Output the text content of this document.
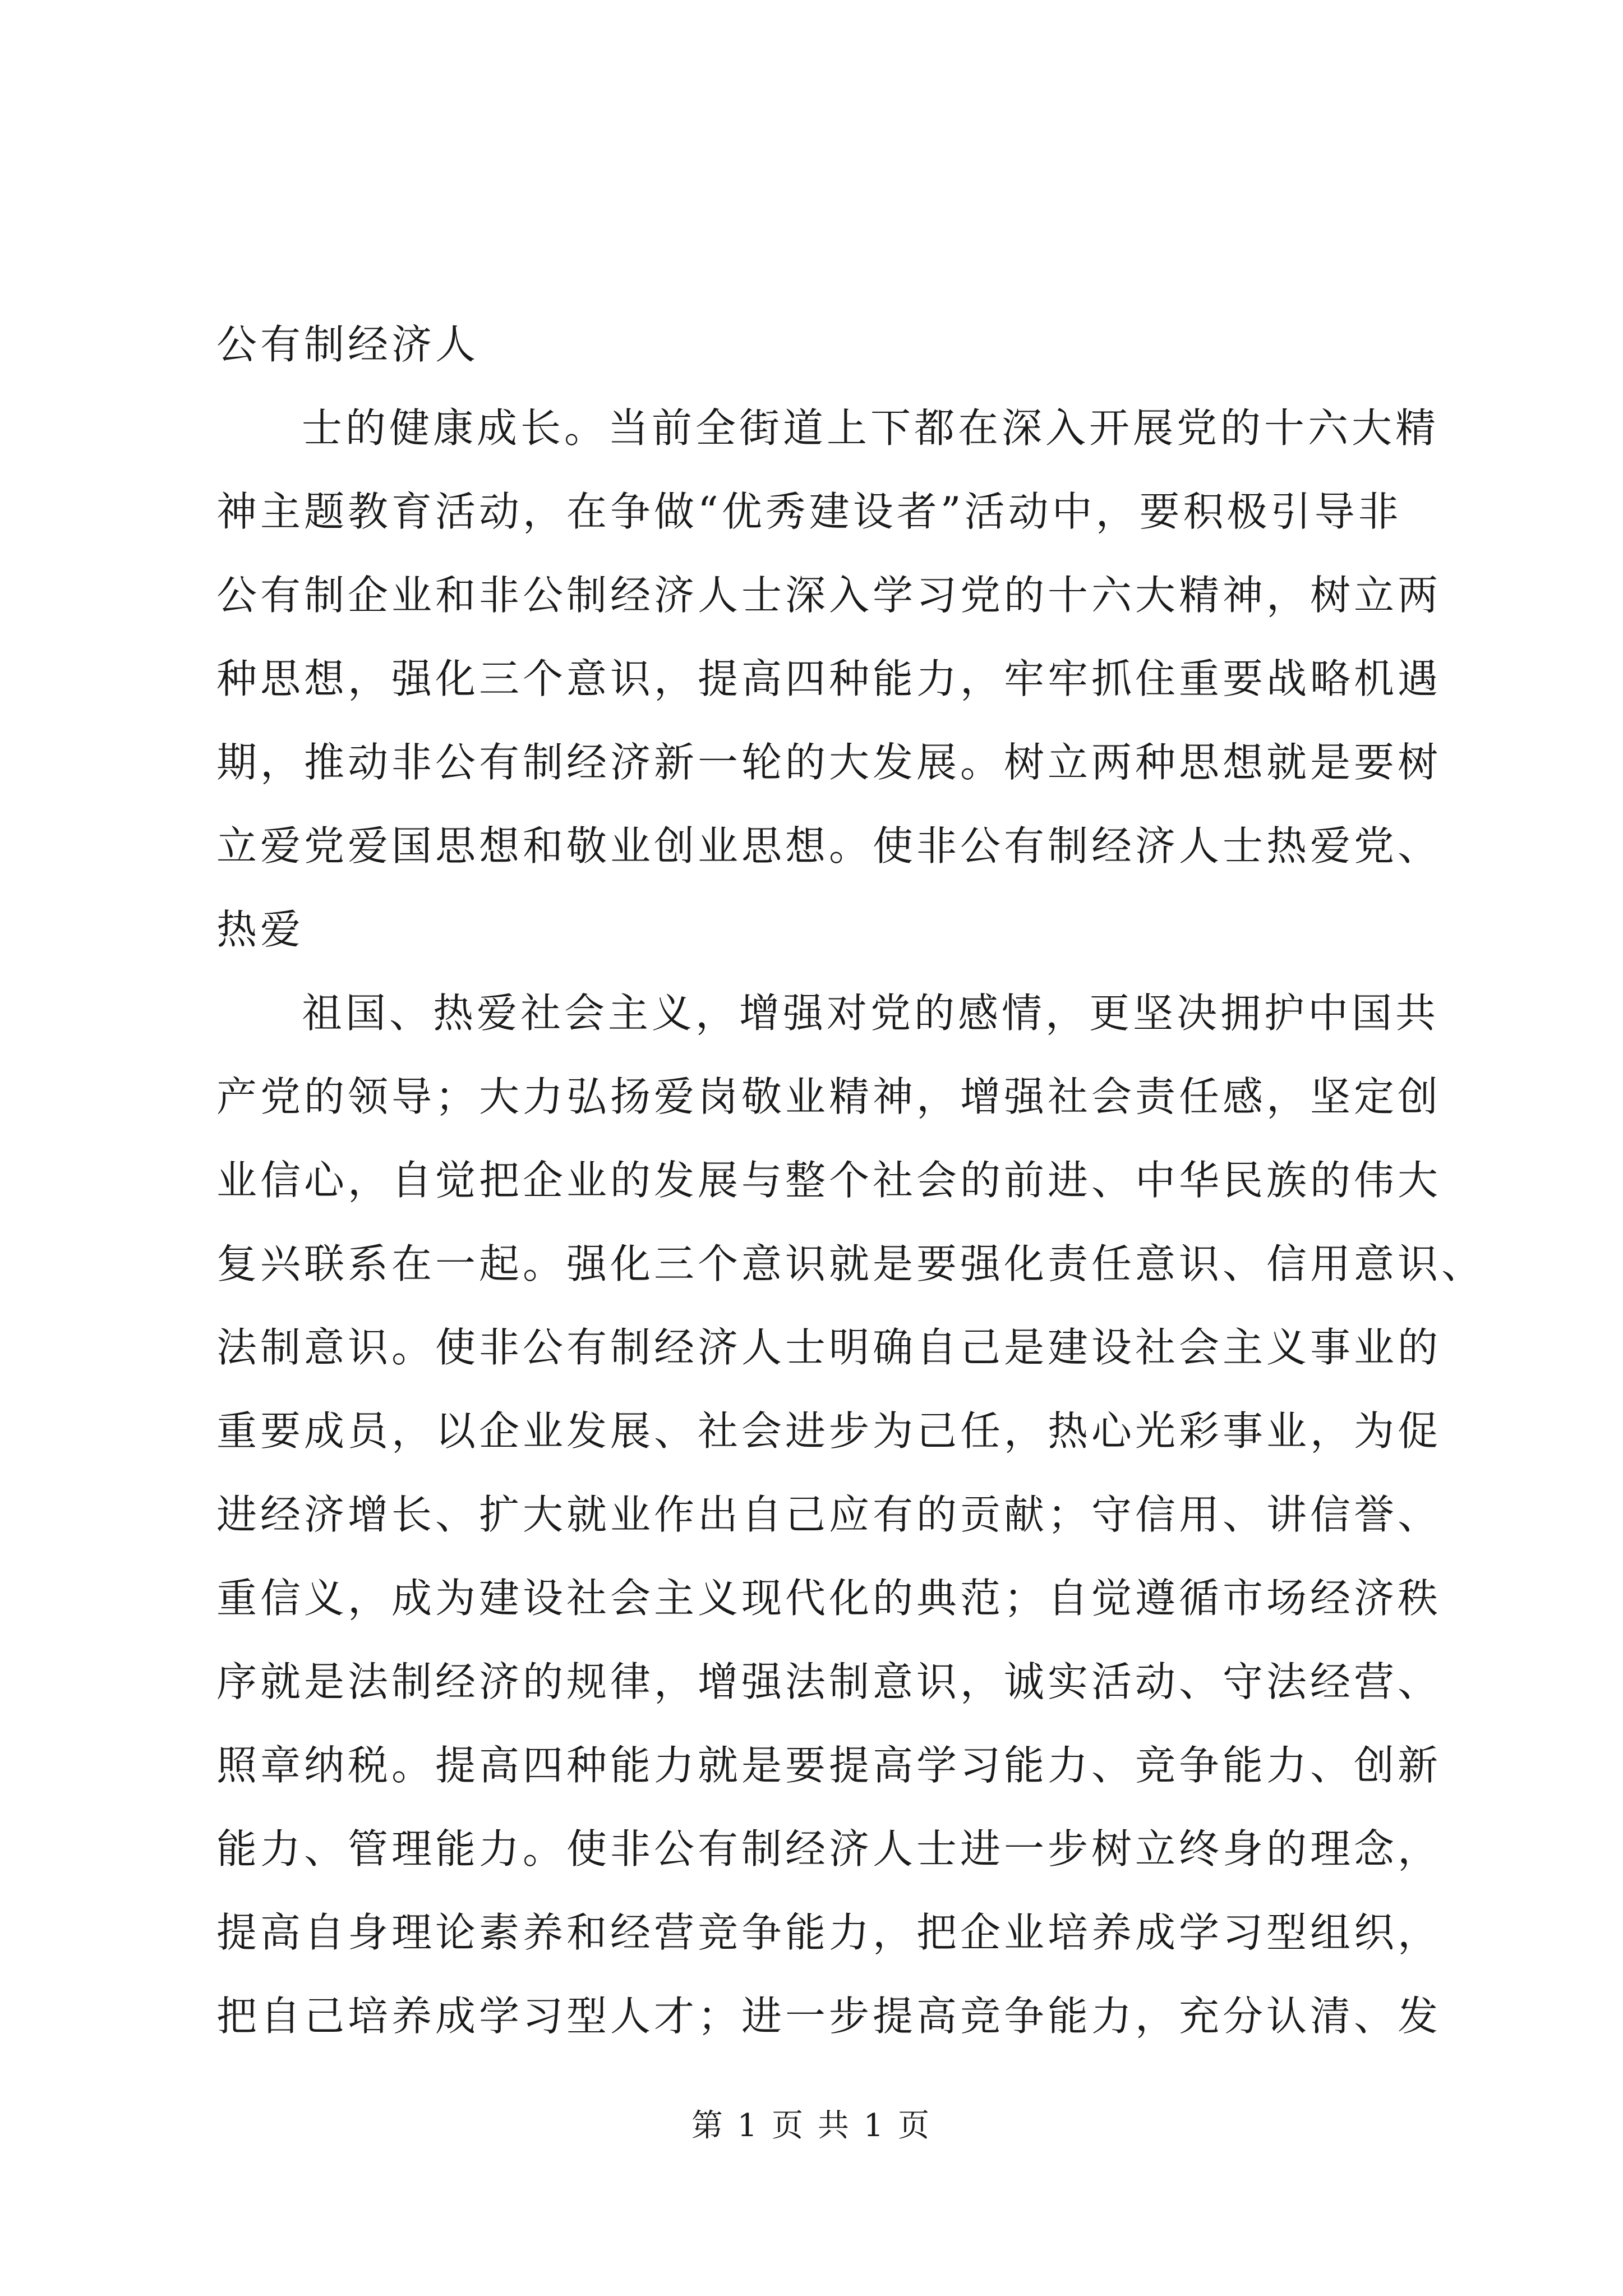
公有制经济人
士的健康成长。当前全街道上下都在深入开展党的十六大精
神主题教育活动，在争做“优秀建设者”活动中，要积极引导非
公有制企业和非公制经济人士深入学习党的十六大精神，树立两
种思想，强化三个意识，提高四种能力，牢牢抓住重要战略机遇
期，推动非公有制经济新一轮的大发展。树立两种思想就是要树
立爱党爱国思想和敬业创业思想。使非公有制经济人士热爱党、
热爱
祖国、热爱社会主义，增强对党的感情，更坚决拥护中国共
产党的领导；大力弘扬爱岗敬业精神，增强社会责任感，坚定创
业信心，自觉把企业的发展与整个社会的前进、中华民族的伟大
复兴联系在一起。强化三个意识就是要强化责任意识、信用意识、
法制意识。使非公有制经济人士明确自己是建设社会主义事业的
重要成员，以企业发展、社会进步为己任，热心光彩事业，为促
进经济增长、扩大就业作出自己应有的贡献；守信用、讲信誉、
重信义，成为建设社会主义现代化的典范；自觉遵循市场经济秩
序就是法制经济的规律，增强法制意识，诚实活动、守法经营、
照章纳税。提高四种能力就是要提高学习能力、竞争能力、创新
能力、管理能力。使非公有制经济人士进一步树立终身的理念，
提高自身理论素养和经营竞争能力，把企业培养成学习型组织，
把自己培养成学习型人才；进一步提高竞争能力，充分认清、发
第 1 页 共 1 页
